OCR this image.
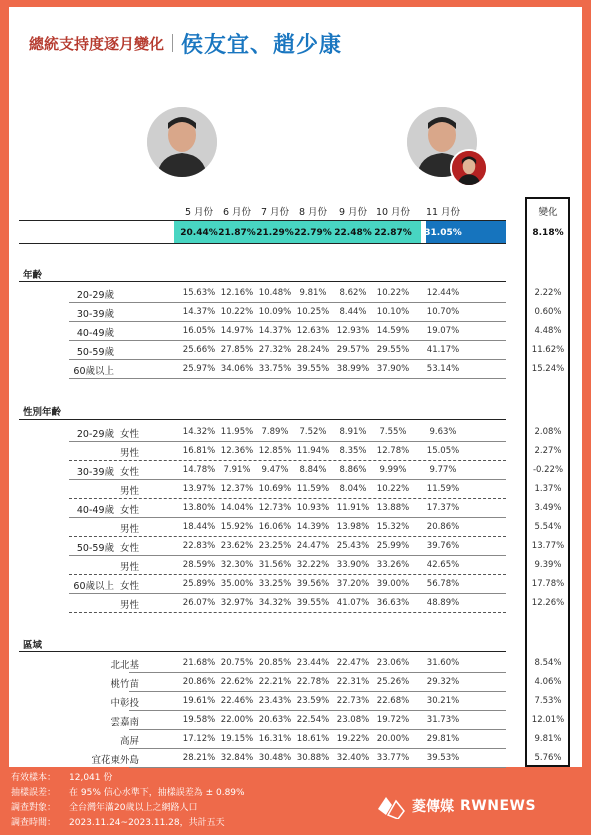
總統支持度逐月變化 侯友宜、趙少康
5 月份	6 月份	7 月份	8 月份	9 月份 10 月份	11 月份	變化
20.44% 21.87% 21.29% 22.79% 22.48% 22.87%	31.05%	8.18%
年齡
20-29歲	15.63% 12.16% 10.48% 9.81%	8.62%	10.22%	12.44%	2.22%
30-39歲	14.37% 10.22% 10.09% 10.25%	8.44%	10.10%	10.70%	0.60%
40-49歲	16.05% 14.97% 14.37% 12.63% 12.93% 14.59%	19.07%	4.48%
50-59歲	25.66% 27.85% 27.32% 28.24% 29.57% 29.55%	41.17%	11.62%
60歲以上	25.97% 34.06% 33.75% 39.55% 38.99% 37.90%	53.14%	15.24%
性別年齡
20-29歲 女性	14.32% 11.95% 7.89%	7.52%	8.91%	7.55%	9.63%	2.08%
男性	16.81% 12.36% 12.85% 11.94%	8.35%	12.78%	15.05%	2.27%
30-39歲 女性	14.78% 7.91%	9.47%	8.84%	8.86%	9.99%	9.77%	-0.22%
男性	13.97% 12.37% 10.69% 11.59%	8.04%	10.22%	11.59%	1.37%
40-49歲 女性	13.80% 14.04% 12.73% 10.93% 11.91% 13.88%	17.37%	3.49%
男性	18.44% 15.92% 16.06% 14.39% 13.98% 15.32%	20.86%	5.54%
50-59歲 女性	22.83% 23.62% 23.25% 24.47% 25.43% 25.99%	39.76%	13.77%
男性	28.59% 32.30% 31.56% 32.22% 33.90% 33.26%	42.65%	9.39%
60歲以上 女性	25.89% 35.00% 33.25% 39.56% 37.20% 39.00%	56.78%	17.78%
男性	26.07% 32.97% 34.32% 39.55% 41.07% 36.63%	48.89%	12.26%
區域
北北基	21.68% 20.75% 20.85% 23.44% 22.47% 23.06%	31.60%	8.54%
桃竹苗	20.86% 22.62% 22.21% 22.78% 22.31% 25.26%	29.32%	4.06%
中彰投	19.61% 22.46% 23.43% 23.59% 22.73% 22.68%	30.21%	7.53%
雲嘉南	19.58% 22.00% 20.63% 22.54% 23.08% 19.72%	31.73%	12.01%
高屏	17.12% 19.15% 16.31% 18.61% 19.22% 20.00%	29.81%	9.81%
宜花東外島	28.21% 32.84% 30.48% 30.88% 32.40% 33.77%	39.53%	5.76%
有效樣本：	12,041 份
抽樣誤差：	在 95% 信心水準下，抽樣誤差為 ± 0.89%
調查對象：	全台灣年滿20歲以上之網路人口
調查時間：	2023.11.24~2023.11.28，共計五天
菱傳媒 RWNEWS
